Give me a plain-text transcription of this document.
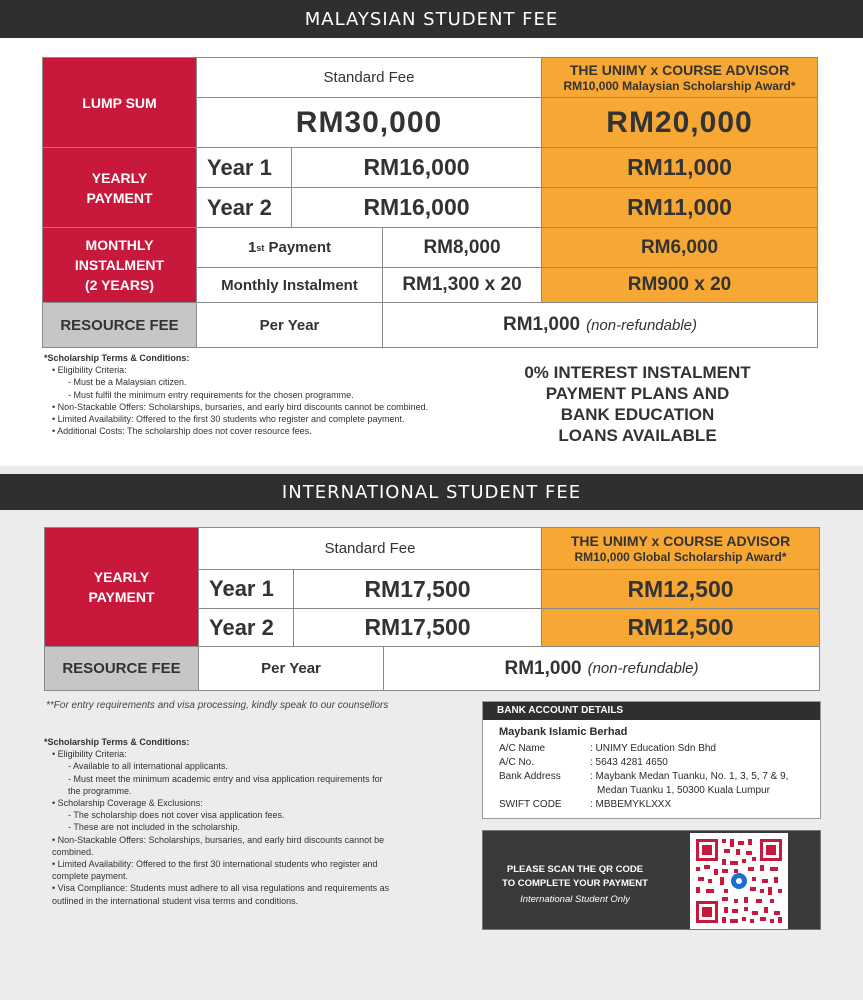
MALAYSIAN STUDENT FEE
LUMP SUM
Standard Fee	THE UNIMY x COURSE ADVISOR
RM10,000 Malaysian Scholarship Award*
RM30,000	RM20,000
YEARLY
PAYMENT
Year 1	RM16,000	RM11,000
Year 2	RM16,000	RM11,000
MONTHLY
INSTALMENT
(2 YEARS)
1 st Payment	RM8,000	RM6,000
Monthly Instalment	RM1,300 x 20	RM900 x 20
RESOURCE FEE	Per Year	RM1,000 (non-refundable)
*Scholarship Terms & Conditions:
• Eligibility Criteria:
- Must be a Malaysian citizen.
- Must fulfil the minimum entry requirements for the chosen programme.
• Non-Stackable Offers: Scholarships, bursaries, and early bird discounts cannot be combined.
• Limited Availability: Offered to the first 30 students who register and complete payment.
• Additional Costs: The scholarship does not cover resource fees.
0% INTEREST INSTALMENT
PAYMENT PLANS AND
BANK EDUCATION
LOANS AVAILABLE
INTERNATIONAL STUDENT FEE
YEARLY
PAYMENT
Standard Fee	THE UNIMY x COURSE ADVISOR
RM10,000 Global Scholarship Award*
Year 1	RM17,500	RM12,500
Year 2	RM17,500	RM12,500
RESOURCE FEE	Per Year	RM1,000 (non-refundable)
**For entry requirements and visa processing, kindly speak to our counsellors
*Scholarship Terms & Conditions:
• Eligibility Criteria:
- Available to all international applicants.
- Must meet the minimum academic entry and visa application requirements for
the programme.
• Scholarship Coverage & Exclusions:
- The scholarship does not cover visa application fees.
- These are not included in the scholarship.
• Non-Stackable Offers: Scholarships, bursaries, and early bird discounts cannot be
combined.
• Limited Availability: Offered to the first 30 international students who register and
complete payment.
• Visa Compliance: Students must adhere to all visa regulations and requirements as
outlined in the international student visa terms and conditions.
BANK ACCOUNT DETAILS
Maybank Islamic Berhad
A/C Name	: UNIMY Education Sdn Bhd
A/C No.	: 5643 4281 4650
Bank Address	: Maybank Medan Tuanku, No. 1, 3, 5, 7 & 9,
Medan Tuanku 1, 50300 Kuala Lumpur
SWIFT CODE	: MBBEMYKLXXX
PLEASE SCAN THE QR CODE
TO COMPLETE YOUR PAYMENT
International Student Only
